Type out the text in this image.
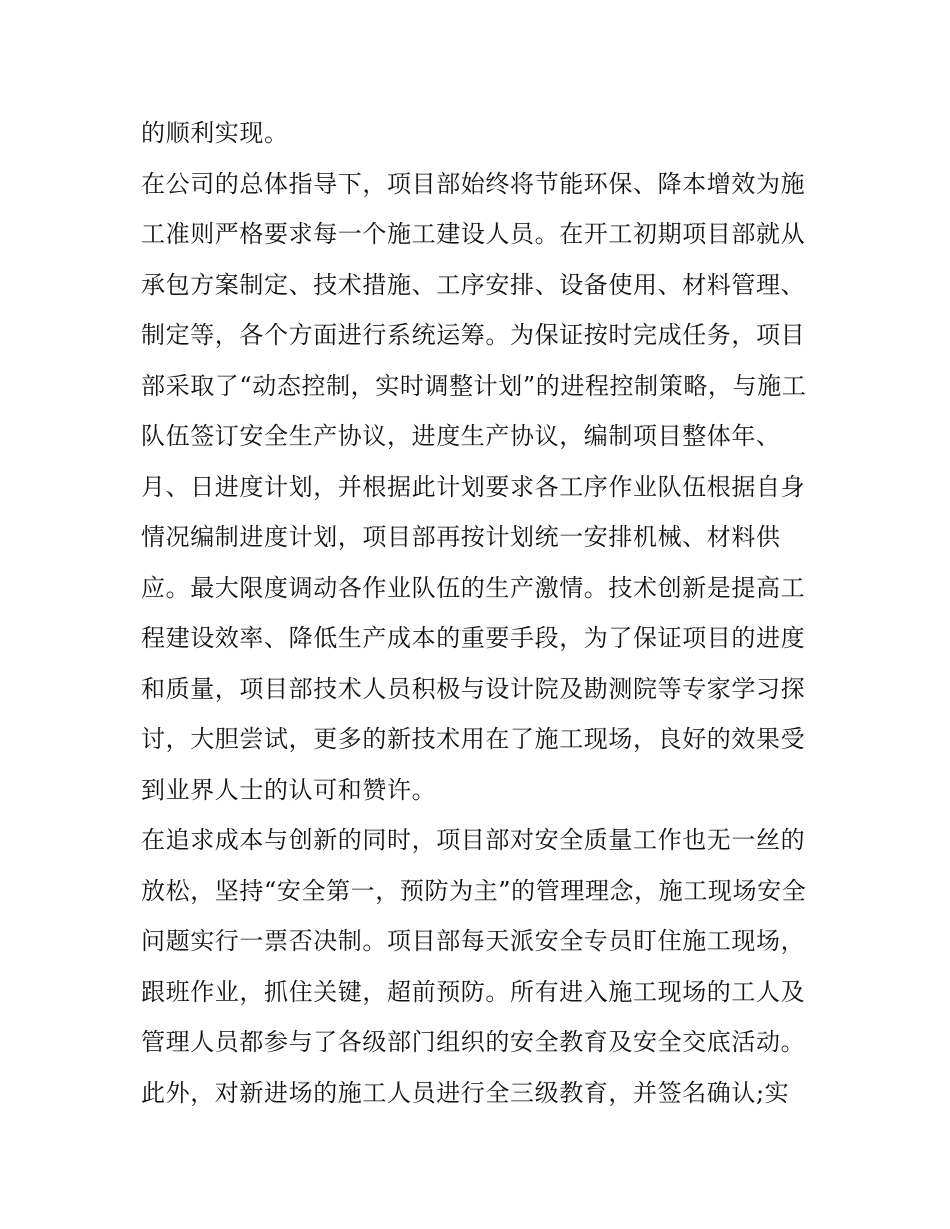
的顺利实现。
在公司的总体指导下，项目部始终将节能环保、降本增效为施
工准则严格要求每一个施工建设人员。在开工初期项目部就从
承包方案制定、技术措施、工序安排、设备使用、材料管理、
制定等，各个方面进行系统运筹。为保证按时完成任务，项目
部采取了“动态控制，实时调整计划”的进程控制策略，与施工
队伍签订安全生产协议，进度生产协议，编制项目整体年、
月、日进度计划，并根据此计划要求各工序作业队伍根据自身
情况编制进度计划，项目部再按计划统一安排机械、材料供
应。最大限度调动各作业队伍的生产激情。技术创新是提高工
程建设效率、降低生产成本的重要手段，为了保证项目的进度
和质量，项目部技术人员积极与设计院及勘测院等专家学习探
讨，大胆尝试，更多的新技术用在了施工现场，良好的效果受
到业界人士的认可和赞许。
在追求成本与创新的同时，项目部对安全质量工作也无一丝的
放松，坚持“安全第一，预防为主”的管理理念，施工现场安全
问题实行一票否决制。项目部每天派安全专员盯住施工现场，
跟班作业，抓住关键，超前预防。所有进入施工现场的工人及
管理人员都参与了各级部门组织的安全教育及安全交底活动。
此外，对新进场的施工人员进行全三级教育，并签名确认;实
